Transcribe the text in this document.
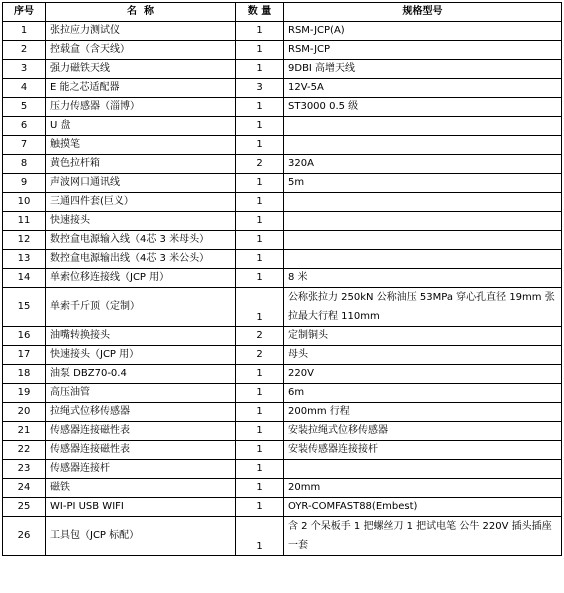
序号	名  称	数 量	规格型号
1	张拉应力测试仪	1	RSM-JCP(A)
2	控载盒（含天线）	1	RSM-JCP
3	强力磁铁天线	1	9DBI 高增天线
4	E 能之芯适配器	3	12V-5A
5	压力传感器（淄博）	1	ST3000 0.5 级
6	U 盘	1	
7	触摸笔	1	
8	黄色拉杆箱	2	320A
9	声波网口通讯线	1	5m
10	三通四件套(巨义）	1	
11	快速接头	1	
12	数控盒电源输入线（4芯 3 米母头）	1	
13	数控盒电源输出线（4芯 3 米公头）	1	
14	单索位移连接线（JCP 用）	1	8 米
15	单索千斤顶（定制）	1	公称张拉力 250kN 公称油压 53MPa 穿心孔直径 19mm 张拉最大行程 110mm
16	油嘴转换接头	2	定制铜头
17	快速接头（JCP 用）	2	母头
18	油泵 DBZ70-0.4	1	220V
19	高压油管	1	6m
20	拉绳式位移传感器	1	200mm 行程
21	传感器连接磁性表	1	安装拉绳式位移传感器
22	传感器连接磁性表	1	安装传感器连接接杆
23	传感器连接杆	1	
24	磁铁	1	20mm
25	WI-PI USB WIFI	1	OYR-COMFAST88(Embest)
26	工具包（JCP 标配）	1	含 2 个呆板手 1 把螺丝刀 1 把试电笔 公牛 220V 插头插座一套
